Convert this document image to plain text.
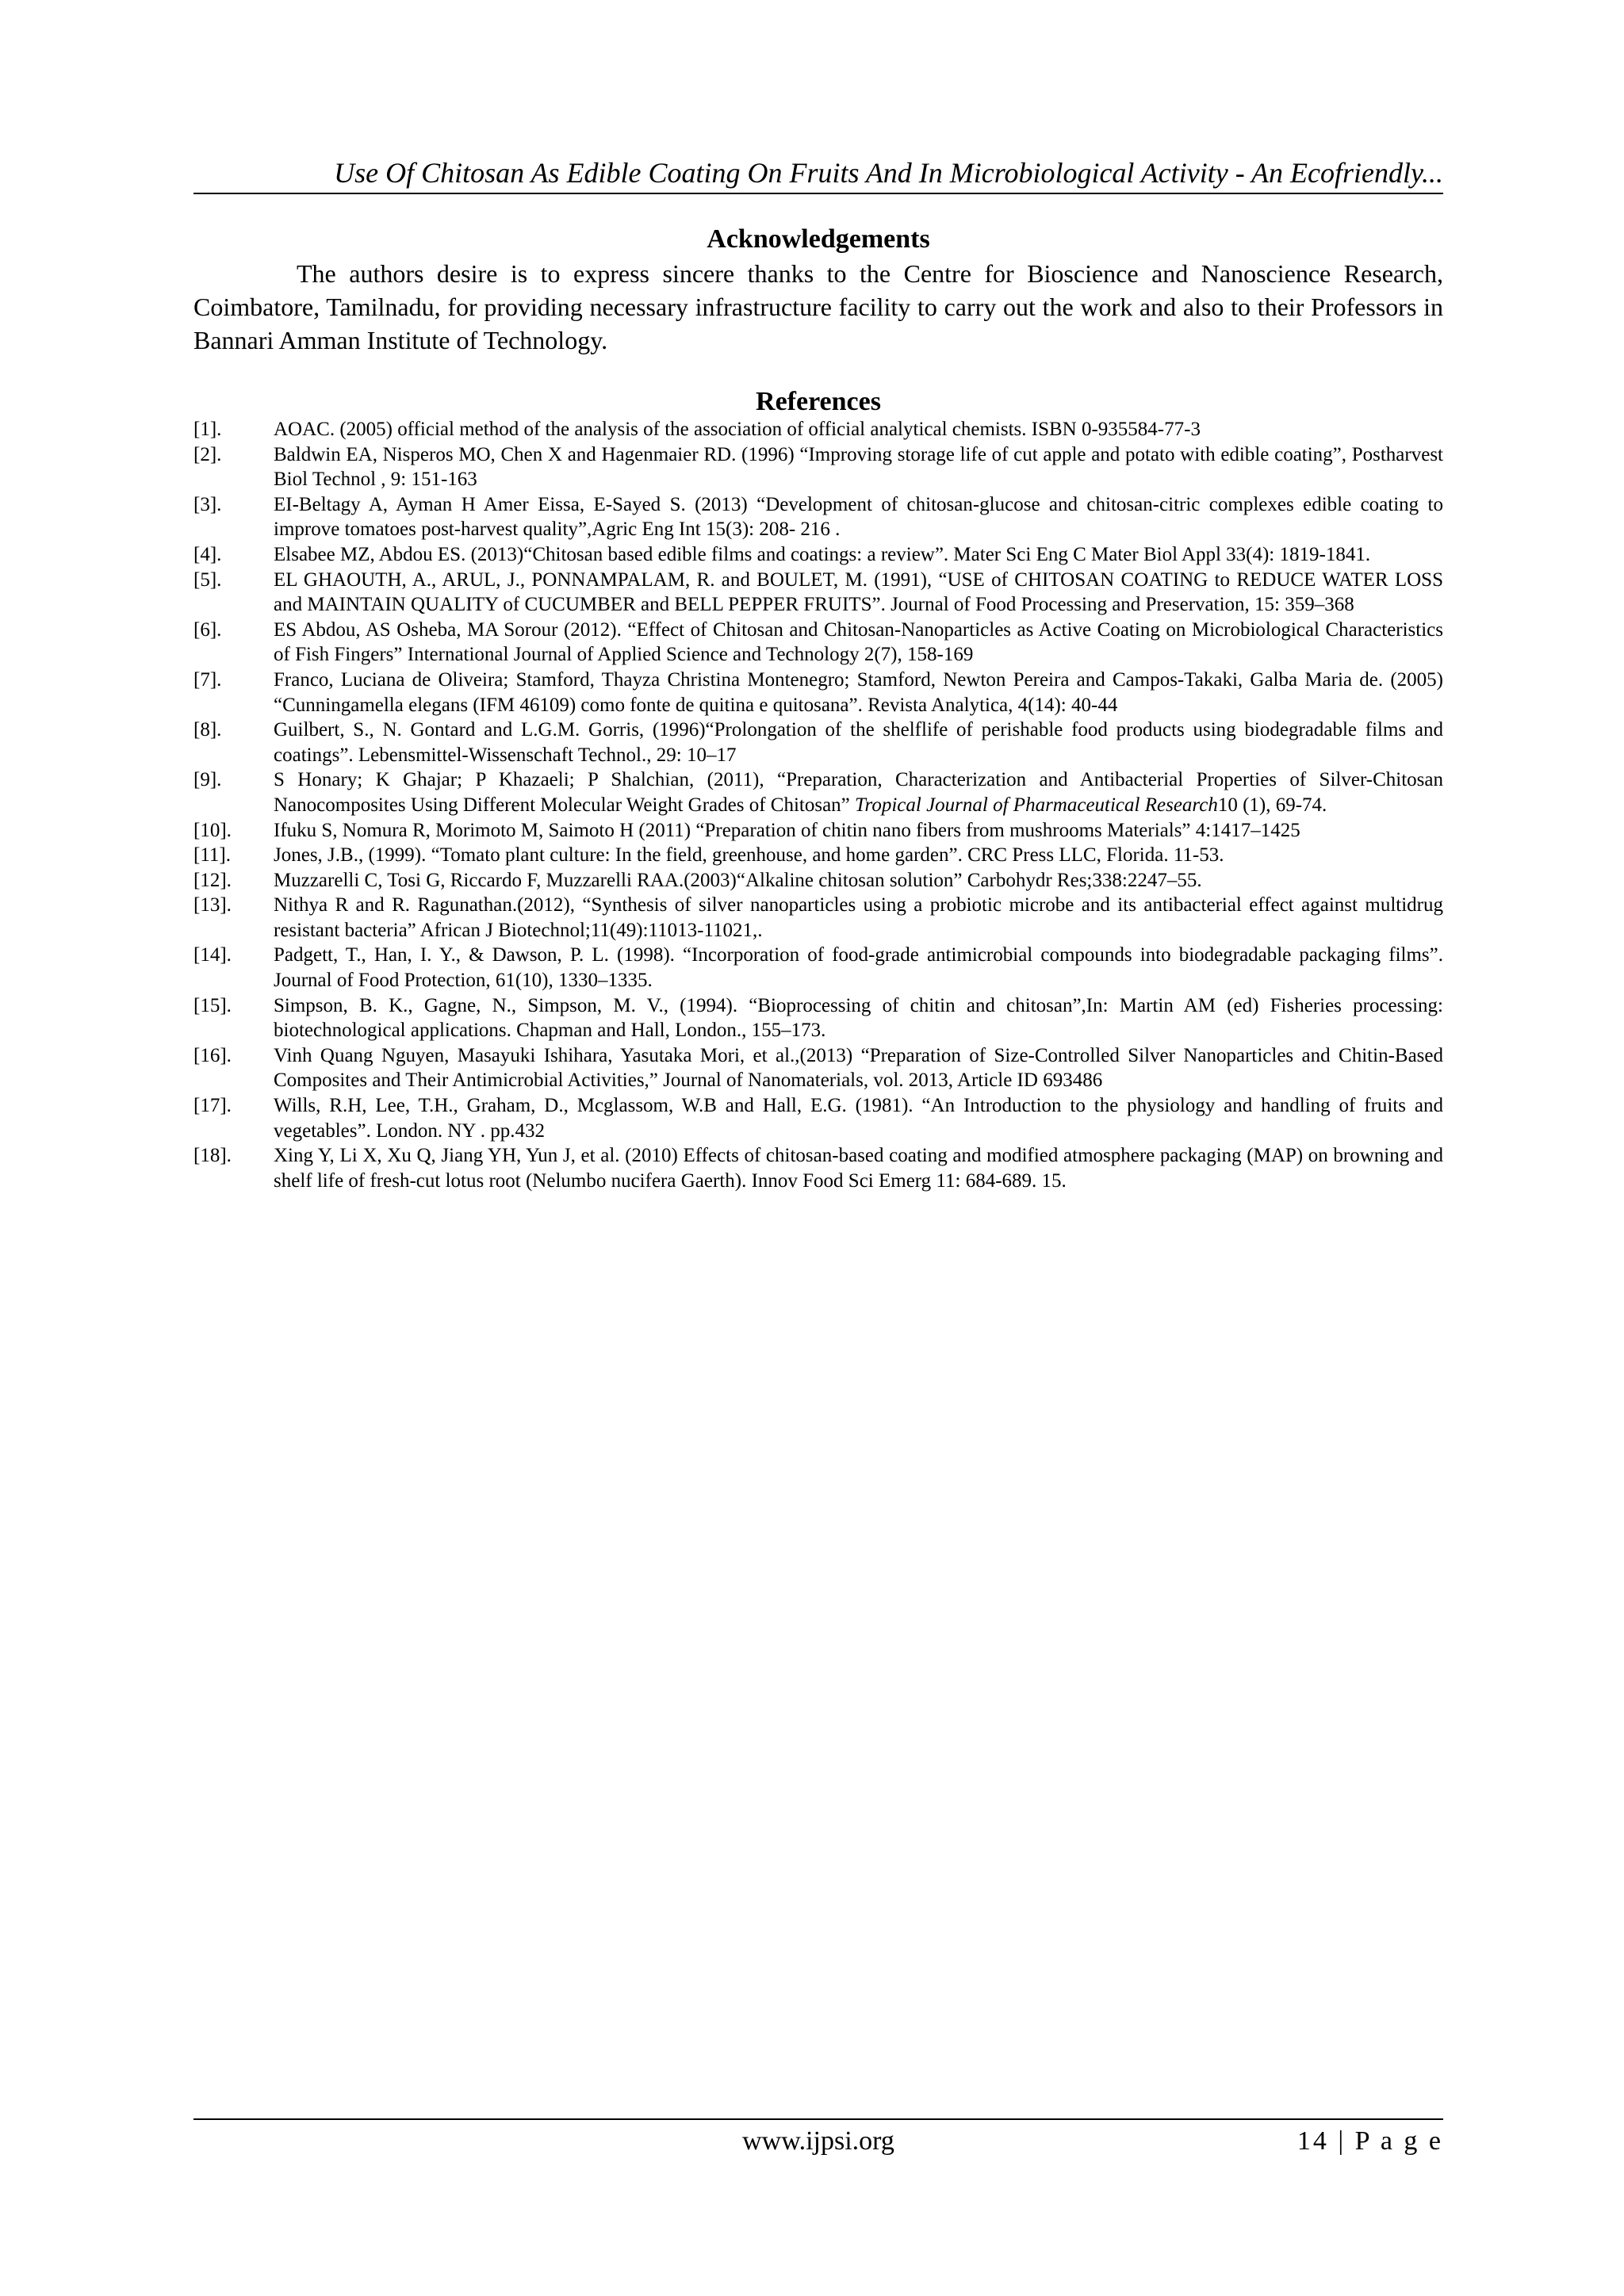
Use Of Chitosan As Edible Coating On Fruits And In Microbiological Activity - An Ecofriendly...
Acknowledgements
The authors desire is to express sincere thanks to the Centre for Bioscience and Nanoscience Research, Coimbatore, Tamilnadu, for providing necessary infrastructure facility to carry out the work and also to their Professors in Bannari Amman Institute of Technology.
References
[1].	AOAC. (2005) official method of the analysis of the association of official analytical chemists. ISBN 0-935584-77-3
[2].	Baldwin EA, Nisperos MO, Chen X and Hagenmaier RD. (1996) “Improving storage life of cut apple and potato with edible coating”, Postharvest Biol Technol , 9: 151-163
[3].	EI-Beltagy A, Ayman H Amer Eissa, E-Sayed S. (2013) “Development of chitosan-glucose and chitosan-citric complexes edible coating to improve tomatoes post-harvest quality”,Agric Eng Int 15(3): 208- 216 .
[4].	Elsabee MZ, Abdou ES. (2013)“Chitosan based edible films and coatings: a review”. Mater Sci Eng C Mater Biol Appl 33(4): 1819-1841.
[5].	EL GHAOUTH, A., ARUL, J., PONNAMPALAM, R. and BOULET, M. (1991), “USE of CHITOSAN COATING to REDUCE WATER LOSS and MAINTAIN QUALITY of CUCUMBER and BELL PEPPER FRUITS”. Journal of Food Processing and Preservation, 15: 359–368
[6].	ES Abdou, AS Osheba, MA Sorour (2012). “Effect of Chitosan and Chitosan-Nanoparticles as Active Coating on Microbiological Characteristics of Fish Fingers” International Journal of Applied Science and Technology 2(7), 158-169
[7].	Franco, Luciana de Oliveira; Stamford, Thayza Christina Montenegro; Stamford, Newton Pereira and Campos-Takaki, Galba Maria de. (2005) “Cunningamella elegans (IFM 46109) como fonte de quitina e quitosana”. Revista Analytica, 4(14): 40-44
[8].	Guilbert, S., N. Gontard and L.G.M. Gorris, (1996)“Prolongation of the shelflife of perishable food products using biodegradable films and coatings”. Lebensmittel-Wissenschaft Technol., 29: 10–17
[9].	S Honary; K Ghajar; P Khazaeli; P Shalchian, (2011), “Preparation, Characterization and Antibacterial Properties of Silver-Chitosan Nanocomposites Using Different Molecular Weight Grades of Chitosan” Tropical Journal of Pharmaceutical Research10 (1), 69-74.
[10].	Ifuku S, Nomura R, Morimoto M, Saimoto H (2011) “Preparation of chitin nano fibers from mushrooms Materials” 4:1417–1425
[11].	Jones, J.B., (1999). “Tomato plant culture: In the field, greenhouse, and home garden”. CRC Press LLC, Florida. 11-53.
[12].	Muzzarelli C, Tosi G, Riccardo F, Muzzarelli RAA.(2003)“Alkaline chitosan solution” Carbohydr Res;338:2247–55.
[13].	Nithya R and R. Ragunathan.(2012), “Synthesis of silver nanoparticles using a probiotic microbe and its antibacterial effect against multidrug resistant bacteria” African J Biotechnol;11(49):11013-11021,.
[14].	Padgett, T., Han, I. Y., & Dawson, P. L. (1998). “Incorporation of food-grade antimicrobial compounds into biodegradable packaging films”. Journal of Food Protection, 61(10), 1330–1335.
[15].	Simpson, B. K., Gagne, N., Simpson, M. V., (1994). “Bioprocessing of chitin and chitosan”,In: Martin AM (ed) Fisheries processing: biotechnological applications. Chapman and Hall, London., 155–173.
[16].	Vinh Quang Nguyen, Masayuki Ishihara, Yasutaka Mori, et al.,(2013) “Preparation of Size-Controlled Silver Nanoparticles and Chitin-Based Composites and Their Antimicrobial Activities,” Journal of Nanomaterials, vol. 2013, Article ID 693486
[17].	Wills, R.H, Lee, T.H., Graham, D., Mcglassom, W.B and Hall, E.G. (1981). “An Introduction to the physiology and handling of fruits and vegetables”. London. NY . pp.432
[18].	Xing Y, Li X, Xu Q, Jiang YH, Yun J, et al. (2010) Effects of chitosan-based coating and modified atmosphere packaging (MAP) on browning and shelf life of fresh-cut lotus root (Nelumbo nucifera Gaerth). Innov Food Sci Emerg 11: 684-689. 15.
www.ijpsi.org	14 | P a g e
